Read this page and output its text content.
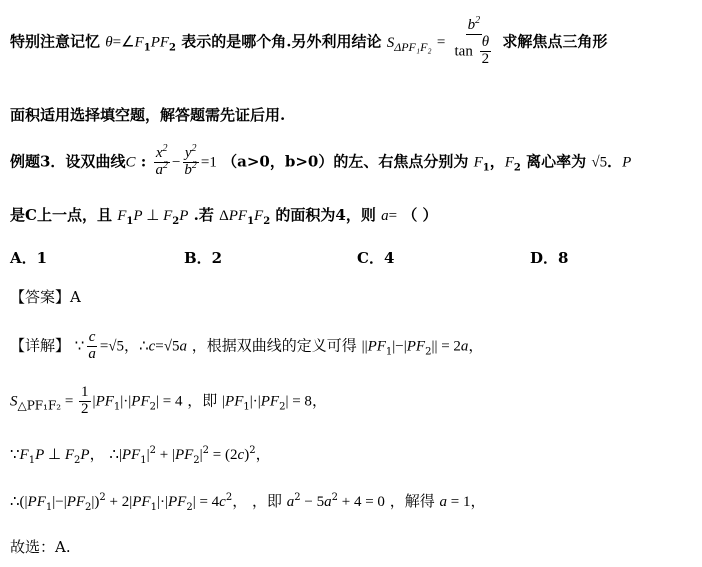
特别注意记忆 $\theta=\angle F_1PF_2$ 表示的是哪个角.另外利用结论 $S_{\Delta PF_1F_2} = \frac{b^2}{\tan \frac{\theta}{2}}$ 求解焦点三角形
面积适用选择填空题，解答题需先证后用.
例题3．设双曲线C : $\frac{x^2}{a^2} - \frac{y^2}{b^2} =1$ （a>0，b>0）的左、右焦点分别为 $F_1$，$F_2$ 离心率为 √5．P
是C上一点，且 $F_1P$ ⊥ $F_2P$ .若 $\Delta PF_1F_2$ 的面积为4，则 a= （ ）
A．1	B．2	C．4	D．8
【答案】A
【详解】 ∵ $\frac{c}{a} =√5$，∴c=√5a ，根据双曲线的定义可得 $||PF_1|-|PF_2|| = 2a$，
$S_{\triangle PF_1F_2} = \frac{1}{2} |PF_1|\cdot|PF_2| = 4$ ，即 $|PF_1|\cdot|PF_2| = 8$，
$\because F_1P$ ⊥ $F_2P$， $\therefore|PF_1|^2 + |PF_2|^2 = (2c)^2$，
$\therefore(|PF_1|-|PF_2|)^2 + 2|PF_1|\cdot|PF_2| = 4c^2$， ，即 $a^2 - 5a^2 + 4 = 0$ ，解得 a = 1，
故选：A.
